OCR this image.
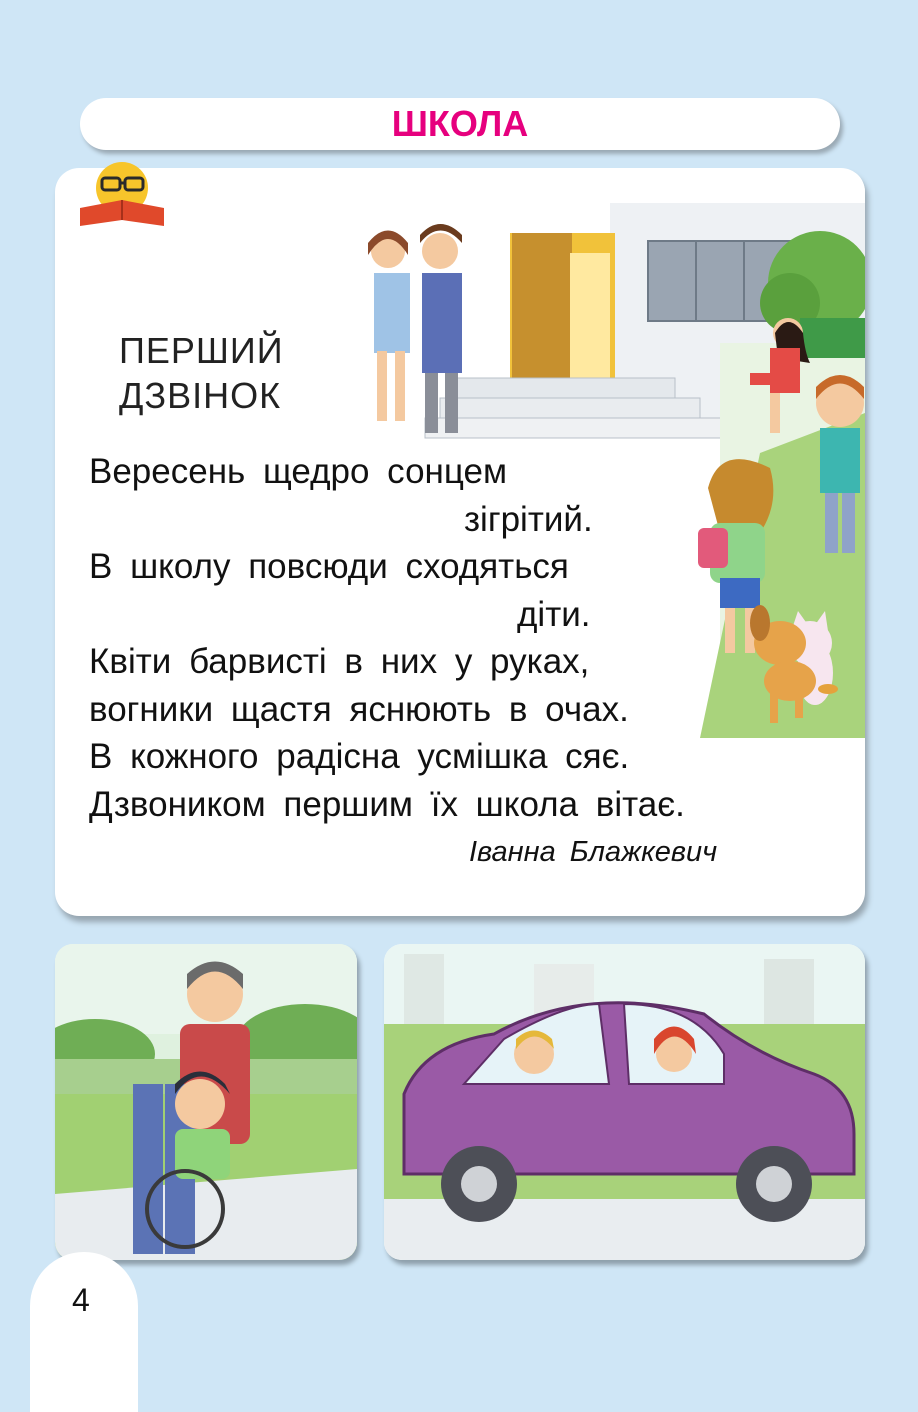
ШКОЛА
ПЕРШИЙ
ДЗВІНОК
Вересень щедро сонцем
зігрітий.
В школу повсюди сходяться
діти.
Квіти барвисті в них у руках,
вогники щастя яснюють в очах.
В кожного радісна усмішка сяє.
Дзвоником першим їх школа вітає.
Іванна Блажкевич
4
